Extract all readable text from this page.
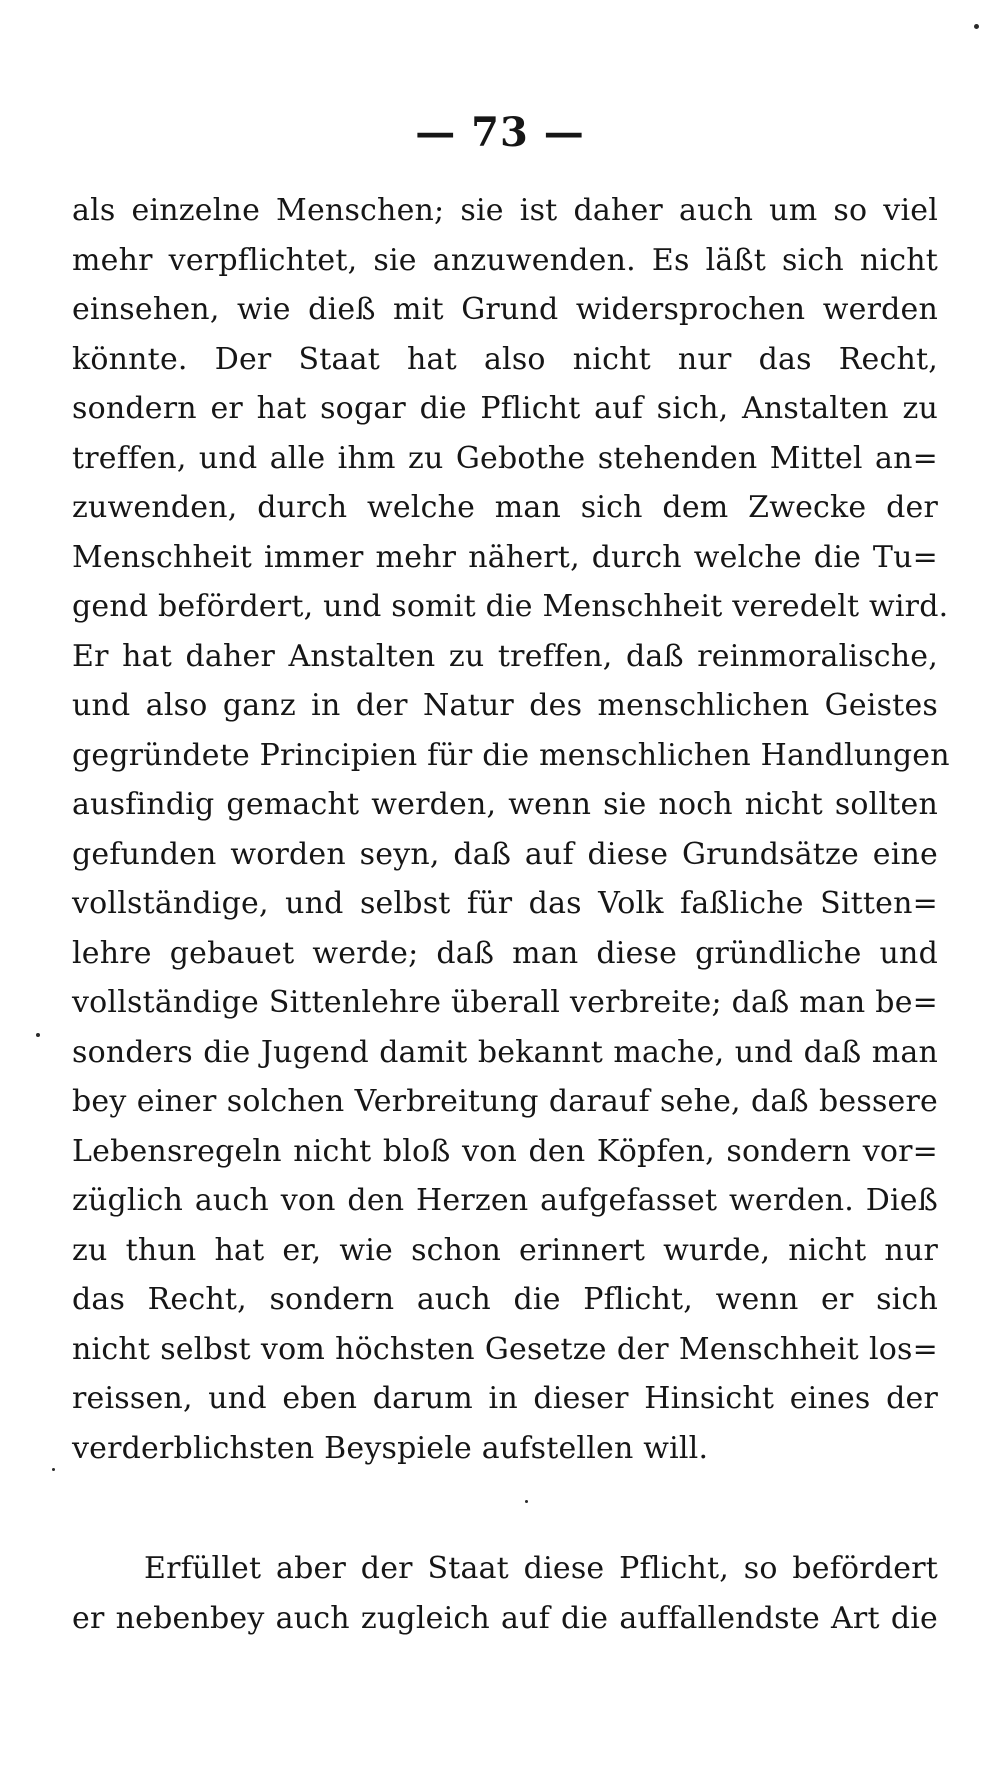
— 73 —
als einzelne Menschen; sie ist daher auch um so viel
mehr verpflichtet, sie anzuwenden. Es läßt sich nicht
einsehen, wie dieß mit Grund widersprochen werden
könnte. Der Staat hat also nicht nur das Recht,
sondern er hat sogar die Pflicht auf sich, Anstalten zu
treffen, und alle ihm zu Gebothe stehenden Mittel an=
zuwenden, durch welche man sich dem Zwecke der
Menschheit immer mehr nähert, durch welche die Tu=
gend befördert, und somit die Menschheit veredelt wird.
Er hat daher Anstalten zu treffen, daß reinmoralische,
und also ganz in der Natur des menschlichen Geistes
gegründete Principien für die menschlichen Handlungen
ausfindig gemacht werden, wenn sie noch nicht sollten
gefunden worden seyn, daß auf diese Grundsätze eine
vollständige, und selbst für das Volk faßliche Sitten=
lehre gebauet werde; daß man diese gründliche und
vollständige Sittenlehre überall verbreite; daß man be=
sonders die Jugend damit bekannt mache, und daß man
bey einer solchen Verbreitung darauf sehe, daß bessere
Lebensregeln nicht bloß von den Köpfen, sondern vor=
züglich auch von den Herzen aufgefasset werden. Dieß
zu thun hat er, wie schon erinnert wurde, nicht nur
das Recht, sondern auch die Pflicht, wenn er sich
nicht selbst vom höchsten Gesetze der Menschheit los=
reissen, und eben darum in dieser Hinsicht eines der
verderblichsten Beyspiele aufstellen will.
Erfüllet aber der Staat diese Pflicht, so befördert
er nebenbey auch zugleich auf die auffallendste Art die
